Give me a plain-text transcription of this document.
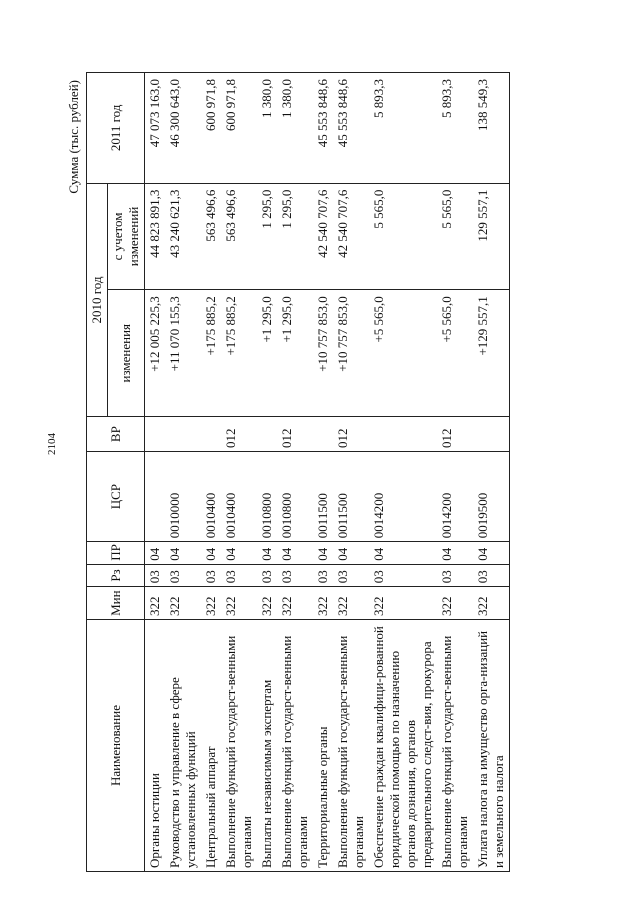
2104
Сумма (тыс. рублей)
Наименование	Мин	Рз	ПР	ЦСР	ВР	2010 год		2011 год
						изменения	с учетом изменений	
Органы юстиции	322	03	04			+12 005 225,3	44 823 891,3	47 073 163,0
Руководство и управление в сфере установленных функций	322	03	04	0010000		+11 070 155,3	43 240 621,3	46 300 643,0
Центральный аппарат	322	03	04	0010400		+175 885,2	563 496,6	600 971,8
Выполнение функций государст-венными органами	322	03	04	0010400	012	+175 885,2	563 496,6	600 971,8
Выплаты независимым экспертам	322	03	04	0010800		+1 295,0	1 295,0	1 380,0
Выполнение функций государст-венными органами	322	03	04	0010800	012	+1 295,0	1 295,0	1 380,0
Территориальные органы	322	03	04	0011500		+10 757 853,0	42 540 707,6	45 553 848,6
Выполнение функций государст-венными органами	322	03	04	0011500	012	+10 757 853,0	42 540 707,6	45 553 848,6
Обеспечение граждан квалифици-рованной юридической помощью по назначению органов дознания, органов предварительного следст-вия, прокурора	322	03	04	0014200		+5 565,0	5 565,0	5 893,3
Выполнение функций государст-венными органами	322	03	04	0014200	012	+5 565,0	5 565,0	5 893,3
Уплата налога на имущество орга-низаций и земельного налога	322	03	04	0019500		+129 557,1	129 557,1	138 549,3
